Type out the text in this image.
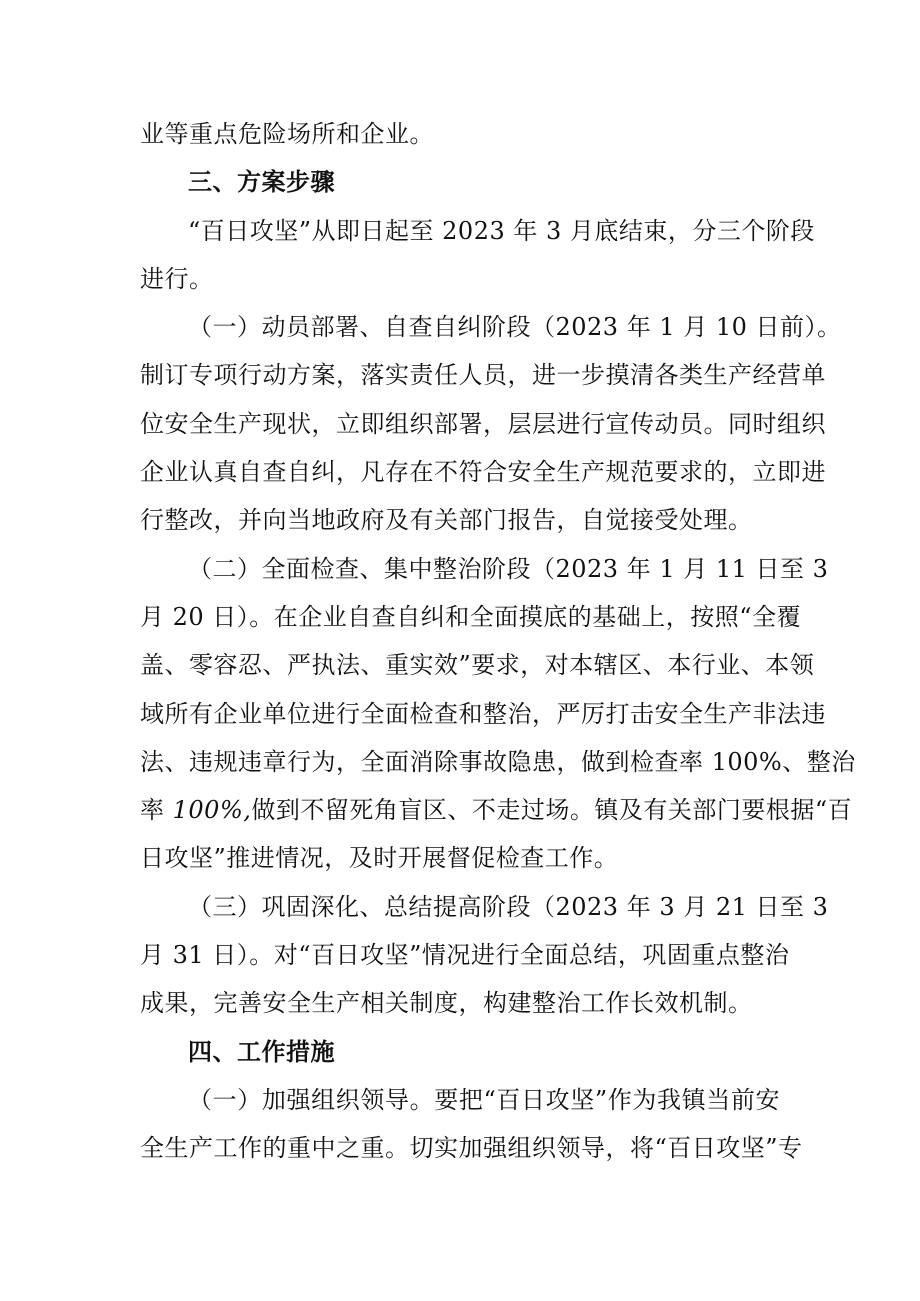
业等重点危险场所和企业。

三、方案步骤

“百日攻坚”从即日起至 2023 年 3 月底结束，分三个阶段
进行。

（一）动员部署、自查自纠阶段（2023 年 1 月 10 日前）。
制订专项行动方案，落实责任人员，进一步摸清各类生产经营单
位安全生产现状，立即组织部署，层层进行宣传动员。同时组织
企业认真自查自纠，凡存在不符合安全生产规范要求的，立即进
行整改，并向当地政府及有关部门报告，自觉接受处理。

（二）全面检查、集中整治阶段（2023 年 1 月 11 日至 3
月 20 日）。在企业自查自纠和全面摸底的基础上，按照“全覆
盖、零容忍、严执法、重实效”要求，对本辖区、本行业、本领
域所有企业单位进行全面检查和整治，严厉打击安全生产非法违
法、违规违章行为，全面消除事故隐患，做到检查率 100%、整治
率 100%,做到不留死角盲区、不走过场。镇及有关部门要根据“百
日攻坚”推进情况，及时开展督促检查工作。

（三）巩固深化、总结提高阶段（2023 年 3 月 21 日至 3
月 31 日）。对“百日攻坚”情况进行全面总结，巩固重点整治
成果，完善安全生产相关制度，构建整治工作长效机制。

四、工作措施

（一）加强组织领导。要把“百日攻坚”作为我镇当前安
全生产工作的重中之重。切实加强组织领导，将“百日攻坚”专
